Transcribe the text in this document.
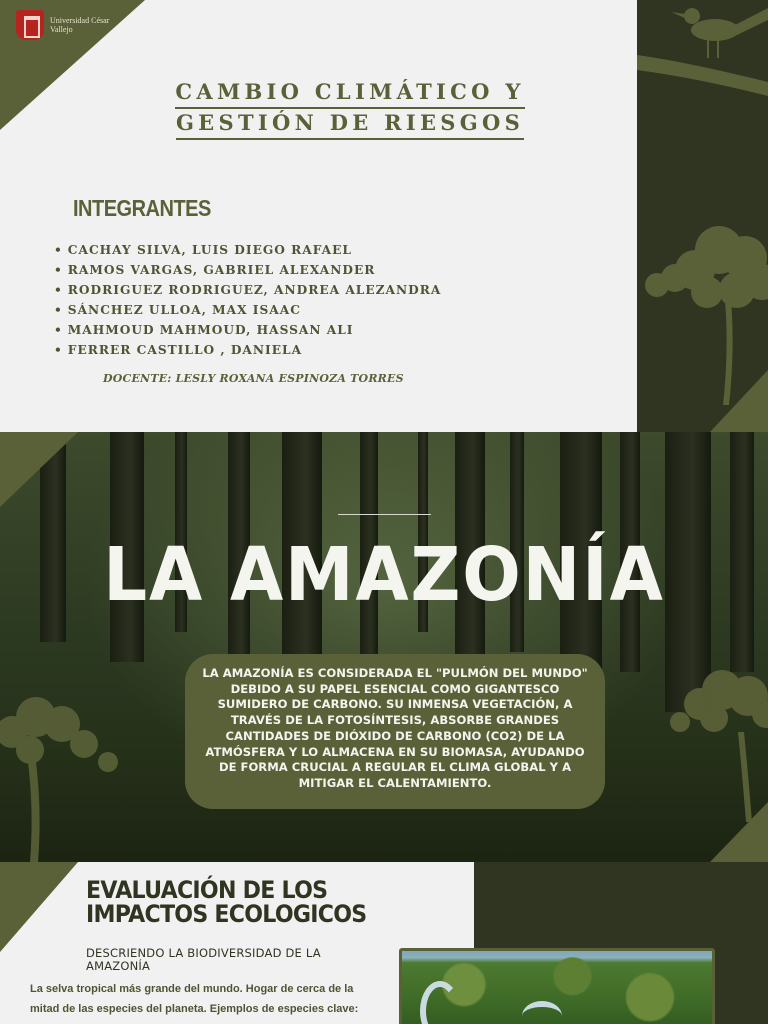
Universidad César Vallejo
CAMBIO CLIMÁTICO Y
GESTIÓN DE RIESGOS
INTEGRANTES
• CACHAY SILVA, LUIS DIEGO RAFAEL
• RAMOS VARGAS, GABRIEL ALEXANDER
• RODRIGUEZ RODRIGUEZ, ANDREA ALEZANDRA
• SÁNCHEZ ULLOA, MAX ISAAC
• MAHMOUD MAHMOUD, HASSAN ALI
• FERRER CASTILLO , DANIELA
DOCENTE: LESLY ROXANA ESPINOZA TORRES
LA AMAZONÍA
LA AMAZONÍA ES CONSIDERADA EL "PULMÓN DEL MUNDO" DEBIDO A SU PAPEL ESENCIAL COMO GIGANTESCO SUMIDERO DE CARBONO. SU INMENSA VEGETACIÓN, A TRAVÉS DE LA FOTOSÍNTESIS, ABSORBE GRANDES CANTIDADES DE DIÓXIDO DE CARBONO (CO2) DE LA ATMÓSFERA Y LO ALMACENA EN SU BIOMASA, AYUDANDO DE FORMA CRUCIAL A REGULAR EL CLIMA GLOBAL Y A MITIGAR EL CALENTAMIENTO.
EVALUACIÓN DE LOS IMPACTOS ECOLOGICOS
DESCRIENDO LA BIODIVERSIDAD DE LA AMAZONÍA
La selva tropical más grande del mundo. Hogar de cerca de la mitad de las especies del planeta. Ejemplos de especies clave:
